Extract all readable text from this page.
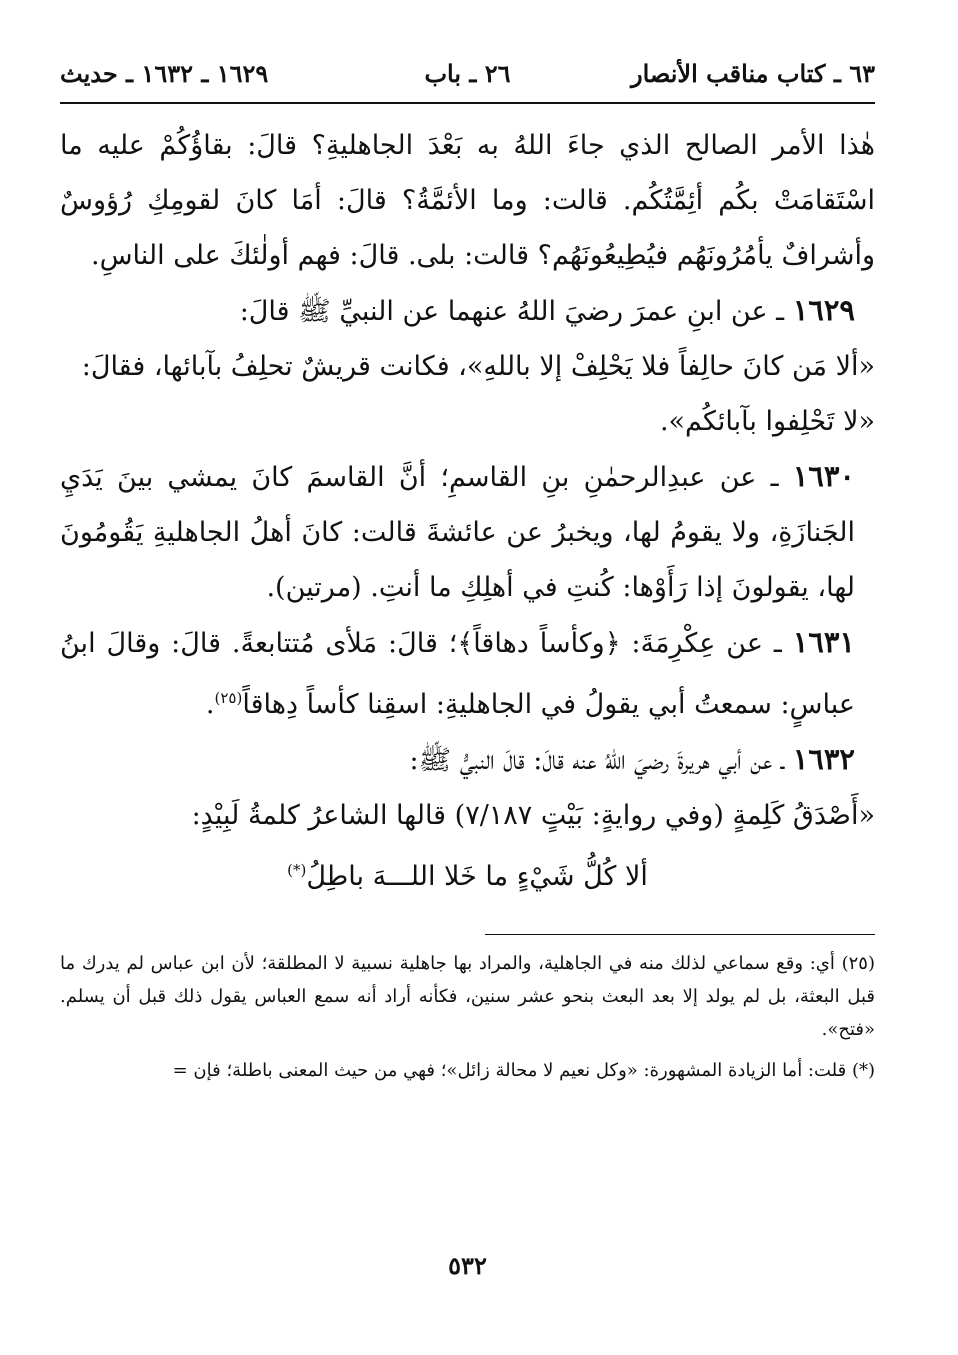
٦٣ ـ كتاب مناقب الأنصار
٢٦ ـ باب
١٦٢٩ ـ ١٦٣٢ ـ حديث

هٰذا الأمر الصالح الذي جاءَ اللهُ به بَعْدَ الجاهليةِ؟ قالَ: بقاؤُكُمْ عليه ما اسْتَقامَتْ بكُم أئِمَّتُكُم. قالت: وما الأئمَّةُ؟ قالَ: أمَا كانَ لقومِكِ رُؤوسٌ وأشرافٌ يأمُرُونَهُم فيُطِيعُونَهُم؟ قالت: بلى. قالَ: فهم أولٰئكَ على الناسِ.

١٦٢٩ ـ عن ابنِ عمرَ رضيَ اللهُ عنهما عن النبيِّ ﷺ قالَ:

«ألا مَن كانَ حالِفاً فلا يَحْلِفْ إلا باللهِ»، فكانت قريشٌ تحلِفُ بآبائها، فقالَ:

«لا تَحْلِفوا بآبائكُم».

١٦٣٠ ـ عن عبدِالرحمٰنِ بنِ القاسمِ؛ أنَّ القاسمَ كانَ يمشي بينَ يَدَيِ الجَنازَةِ، ولا يقومُ لها، ويخبرُ عن عائشةَ قالت: كانَ أهلُ الجاهليةِ يَقُومُونَ لها، يقولونَ إذا رَأَوْها: كُنتِ في أهلِكِ ما أنتِ. (مرتين).

١٦٣١ ـ عن عِكْرِمَةَ: ﴿وكأساً دهاقاً﴾؛ قالَ: مَلأى مُتتابعةً. قالَ: وقالَ ابنُ عباسٍ: سمعتُ أبي يقولُ في الجاهليةِ: اسقِنا كأساً دِهاقاً$^{(٢٥)}$.

١٦٣٢ ـ عن أبي هريرةَ رضيَ اللهُ عنه قالَ: قالَ النبيُّ ﷺ:

«أَصْدَقُ كَلِمةٍ (وفي روايةٍ: بَيْتٍ ٧/١٨٧) قالها الشاعرُ كلمةُ لَبِيْدٍ:

ألا كُلُّ شَيْءٍ ما خَلا اللـــهَ باطِلُ(*)

(٢٥) أي: وقع سماعي لذلك منه في الجاهلية، والمراد بها جاهلية نسبية لا المطلقة؛ لأن ابن عباس لم يدرك ما قبل البعثة، بل لم يولد إلا بعد البعث بنحو عشر سنين، فكأنه أراد أنه سمع العباس يقول ذلك قبل أن يسلم. «فتح».

(*) قلت: أما الزيادة المشهورة: «وكل نعيم لا محالة زائل»؛ فهي من حيث المعنى باطلة؛ فإن =

٥٣٢
